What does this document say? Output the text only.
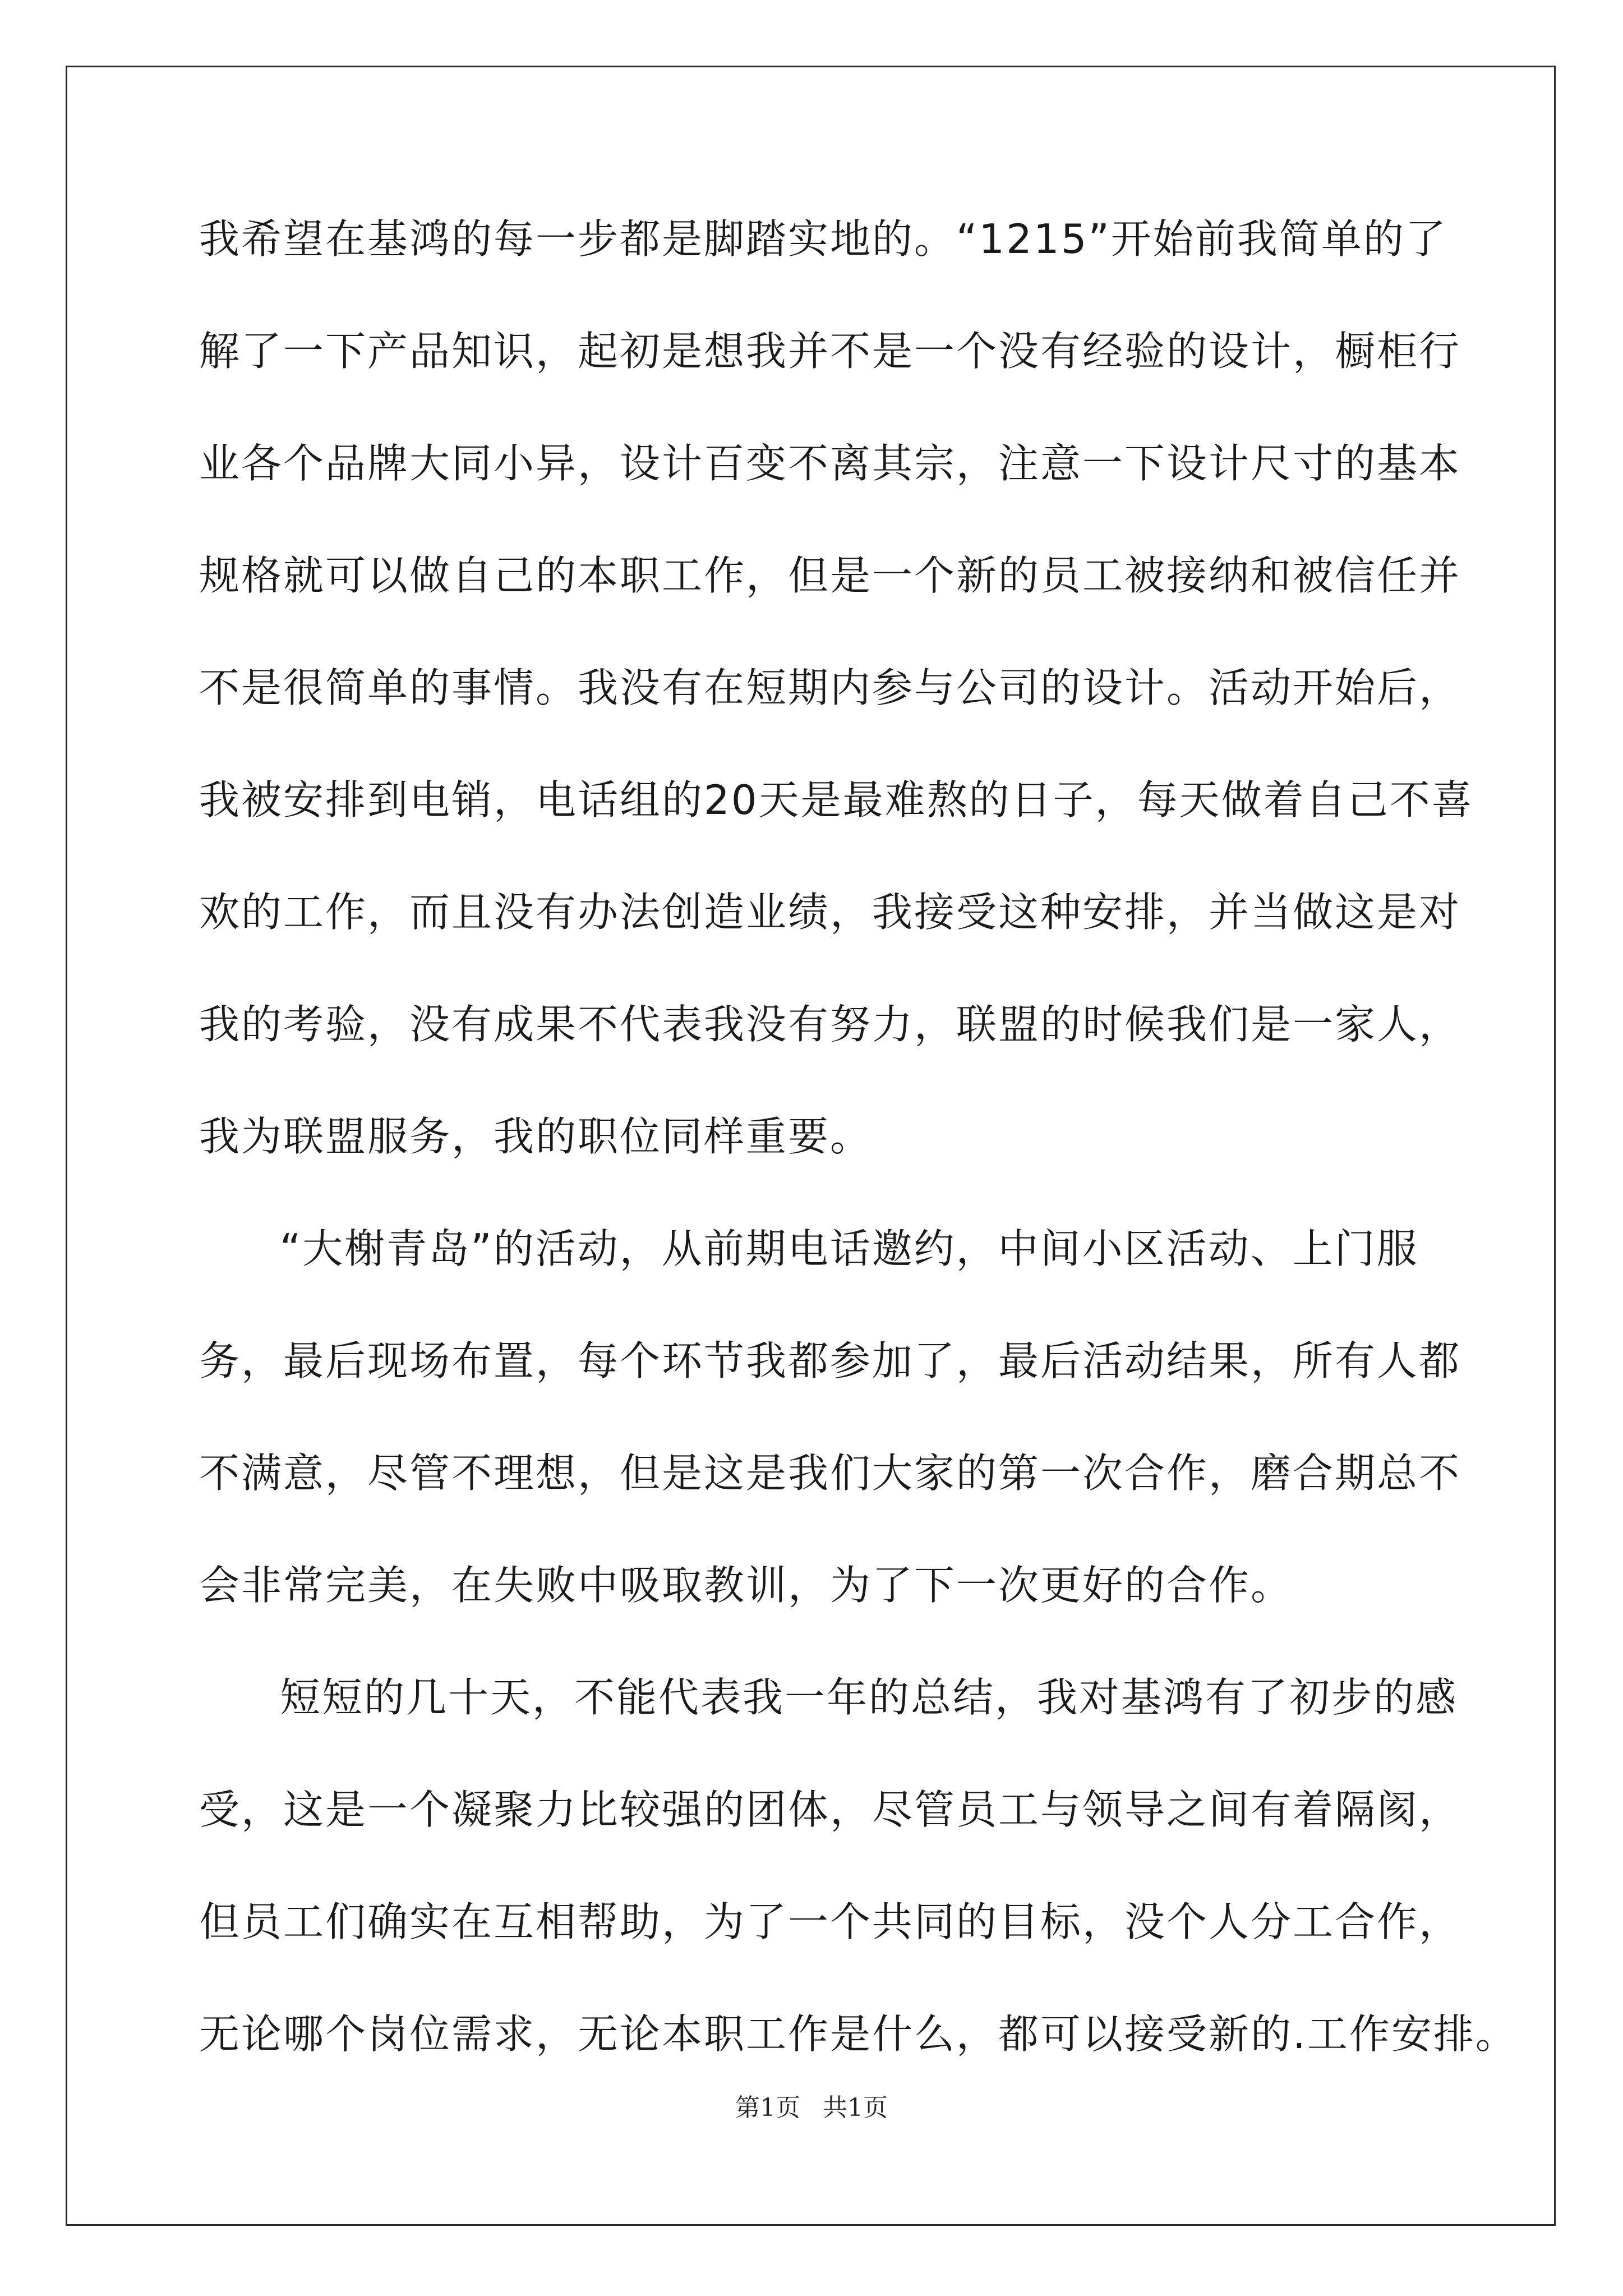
我希望在基鸿的每一步都是脚踏实地的。“1215”开始前我简单的了
解了一下产品知识，起初是想我并不是一个没有经验的设计，橱柜行
业各个品牌大同小异，设计百变不离其宗，注意一下设计尺寸的基本
规格就可以做自己的本职工作，但是一个新的员工被接纳和被信任并
不是很简单的事情。我没有在短期内参与公司的设计。活动开始后，
我被安排到电销，电话组的20天是最难熬的日子，每天做着自己不喜
欢的工作，而且没有办法创造业绩，我接受这种安排，并当做这是对
我的考验，没有成果不代表我没有努力，联盟的时候我们是一家人，
我为联盟服务，我的职位同样重要。
“大榭青岛”的活动，从前期电话邀约，中间小区活动、上门服
务，最后现场布置，每个环节我都参加了，最后活动结果，所有人都
不满意，尽管不理想，但是这是我们大家的第一次合作，磨合期总不
会非常完美，在失败中吸取教训，为了下一次更好的合作。
短短的几十天，不能代表我一年的总结，我对基鸿有了初步的感
受，这是一个凝聚力比较强的团体，尽管员工与领导之间有着隔阂，
但员工们确实在互相帮助，为了一个共同的目标，没个人分工合作，
无论哪个岗位需求，无论本职工作是什么，都可以接受新的.工作安排。
第1页 共1页
